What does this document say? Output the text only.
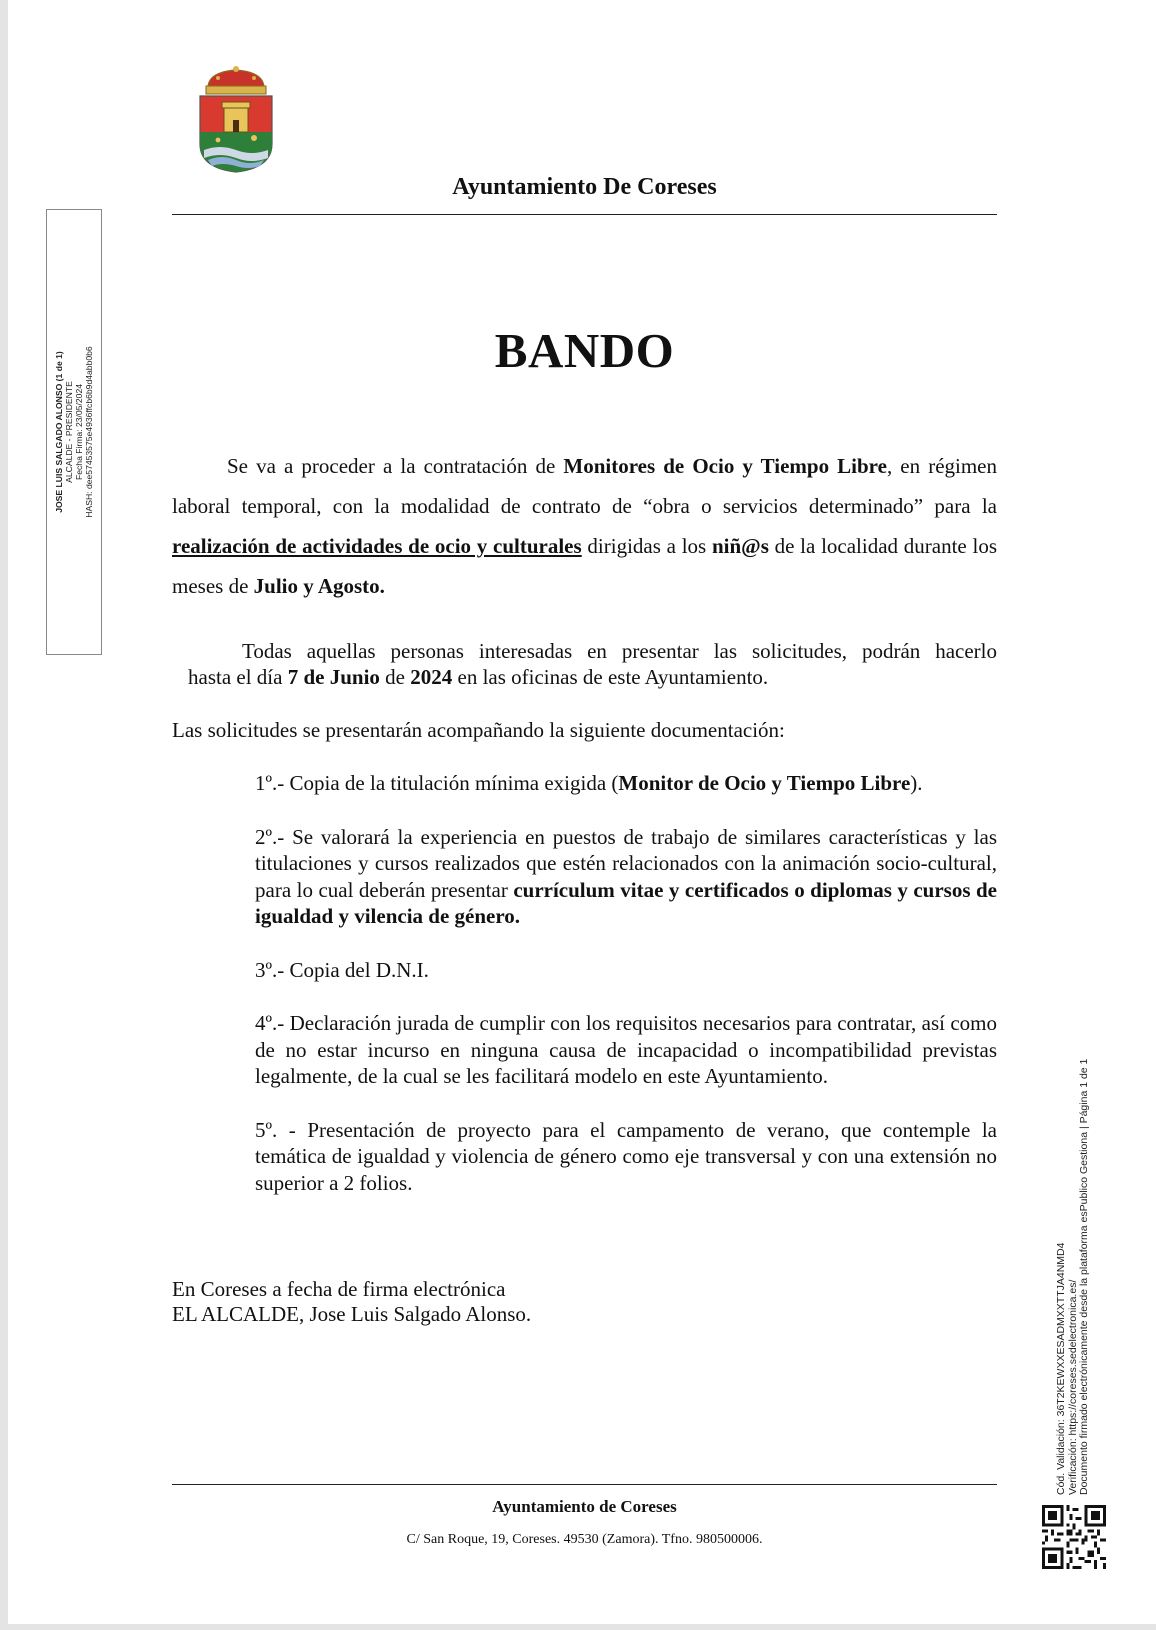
Ayuntamiento De Coreses
BANDO

Se va a proceder a la contratación de Monitores de Ocio y Tiempo Libre, en régimen laboral temporal, con la modalidad de contrato de “obra o servicios determinado” para la realización de actividades de ocio y culturales dirigidas a los niñ@s de la localidad durante los meses de Julio y Agosto.

Todas aquellas personas interesadas en presentar las solicitudes, podrán hacerlo
hasta el día 7 de Junio de 2024 en las oficinas de este Ayuntamiento.
Las solicitudes se presentarán acompañando la siguiente documentación:

1º.- Copia de la titulación mínima exigida (Monitor de Ocio y Tiempo Libre).

2º.- Se valorará la experiencia en puestos de trabajo de similares características y las titulaciones y cursos realizados que estén relacionados con la animación socio-cultural, para lo cual deberán presentar currículum vitae y certificados o diplomas y cursos de igualdad y vilencia de género.

3º.- Copia del D.N.I.

4º.- Declaración jurada de cumplir con los requisitos necesarios para contratar, así como de no estar incurso en ninguna causa de incapacidad o incompatibilidad previstas legalmente, de la cual se les facilitará modelo en este Ayuntamiento.

5º. - Presentación de proyecto para el campamento de verano, que contemple la temática de igualdad y violencia de género como eje transversal y con una extensión no superior a 2 folios.

En Coreses a fecha de firma electrónica
EL ALCALDE, Jose Luis Salgado Alonso.
Ayuntamiento de Coreses
C/ San Roque, 19, Coreses. 49530 (Zamora). Tfno. 980500006.
JOSE LUIS SALGADO ALONSO (1 de 1) ALCALDE - PRESIDENTE Fecha Firma: 23/05/2024 HASH: dee57453575e4936ffcb6b9d4abb0b6
Cód. Validación: 36T2KEWXXESADMXXTTJA4NMD4 Verificación: https://coreses.sedelectronica.es/ Documento firmado electrónicamente desde la plataforma esPublico Gestiona | Página 1 de 1
